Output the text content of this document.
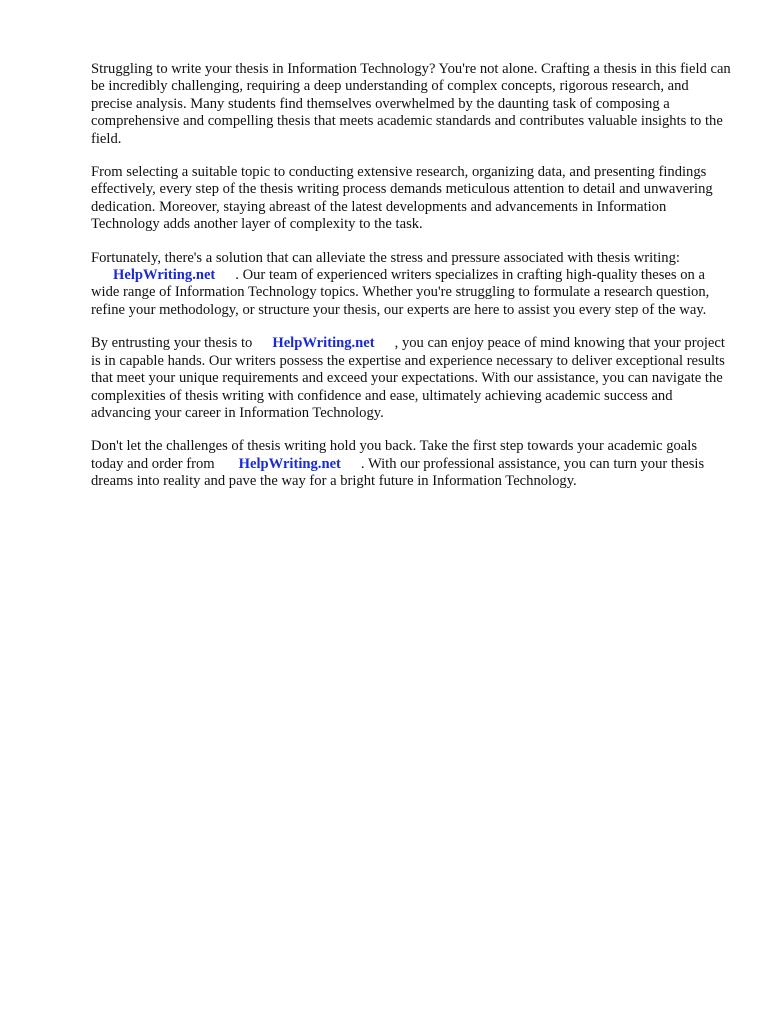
Struggling to write your thesis in Information Technology? You're not alone. Crafting a thesis in this field can be incredibly challenging, requiring a deep understanding of complex concepts, rigorous research, and precise analysis. Many students find themselves overwhelmed by the daunting task of composing a comprehensive and compelling thesis that meets academic standards and contributes valuable insights to the field.

From selecting a suitable topic to conducting extensive research, organizing data, and presenting findings effectively, every step of the thesis writing process demands meticulous attention to detail and unwavering dedication. Moreover, staying abreast of the latest developments and advancements in Information Technology adds another layer of complexity to the task.

Fortunately, there's a solution that can alleviate the stress and pressure associated with thesis writing:
HelpWriting.net . Our team of experienced writers specializes in crafting high-quality theses on a wide range of Information Technology topics. Whether you're struggling to formulate a research question, refine your methodology, or structure your thesis, our experts are here to assist you every step of the way.

By entrusting your thesis to HelpWriting.net , you can enjoy peace of mind knowing that your project is in capable hands. Our writers possess the expertise and experience necessary to deliver exceptional results that meet your unique requirements and exceed your expectations. With our assistance, you can navigate the complexities of thesis writing with confidence and ease, ultimately achieving academic success and advancing your career in Information Technology.

Don't let the challenges of thesis writing hold you back. Take the first step towards your academic goals today and order from HelpWriting.net . With our professional assistance, you can turn your thesis dreams into reality and pave the way for a bright future in Information Technology.
